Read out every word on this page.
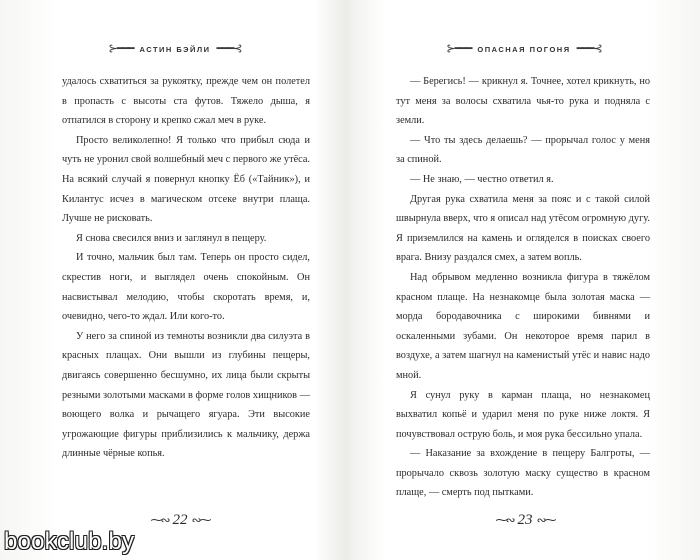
⊱━━━ АСТИН БЭЙЛИ ━━━⊰

удалось схватиться за рукоятку, прежде чем он полетел в пропасть с высоты ста футов. Тяжело дыша, я отпатился в сторону и крепко сжал меч в руке.

Просто великолепно! Я только что прибыл сюда и чуть не уронил свой волшебный меч с первого же утёса. На всякий случай я повернул кнопку Ёб («Тайник»), и Килантус исчез в магическом отсеке внутри плаща. Лучше не рисковать.

Я снова свесился вниз и заглянул в пещеру.

И точно, мальчик был там. Теперь он просто сидел, скрестив ноги, и выглядел очень спокойным. Он насвистывал мелодию, чтобы скоротать время, и, очевидно, чего-то ждал. Или кого-то.

У него за спиной из темноты возникли два силуэта в красных плащах. Они вышли из глубины пещеры, двигаясь совершенно бесшумно, их лица были скрыты резными золотыми масками в форме голов хищников — воющего волка и рычащего ягуара. Эти высокие угрожающие фигуры приблизились к мальчику, держа длинные чёрные копья.

⁓∾ 22 ∾⁓
⊱━━━ ОПАСНАЯ ПОГОНЯ ━━━⊰

— Берегись! — крикнул я. Точнее, хотел крикнуть, но тут меня за волосы схватила чья-то рука и подняла с земли.

— Что ты здесь делаешь? — прорычал голос у меня за спиной.

— Не знаю, — честно ответил я.

Другая рука схватила меня за пояс и с такой силой швырнула вверх, что я описал над утёсом огромную дугу. Я приземлился на камень и огляделся в поисках своего врага. Внизу раздался смех, а затем вопль.

Над обрывом медленно возникла фигура в тяжёлом красном плаще. На незнакомце была золотая маска — морда бородавочника с широкими бивнями и оскаленными зубами. Он некоторое время парил в воздухе, а затем шагнул на каменистый утёс и навис надо мной.

Я сунул руку в карман плаща, но незнакомец выхватил копьё и ударил меня по руке ниже локтя. Я почувствовал острую боль, и моя рука бессильно упала.

— Наказание за вхождение в пещеру Балгроты, — прорычало сквозь золотую маску существо в красном плаще, — смерть под пытками.

⁓∾ 23 ∾⁓
bookclub.by
